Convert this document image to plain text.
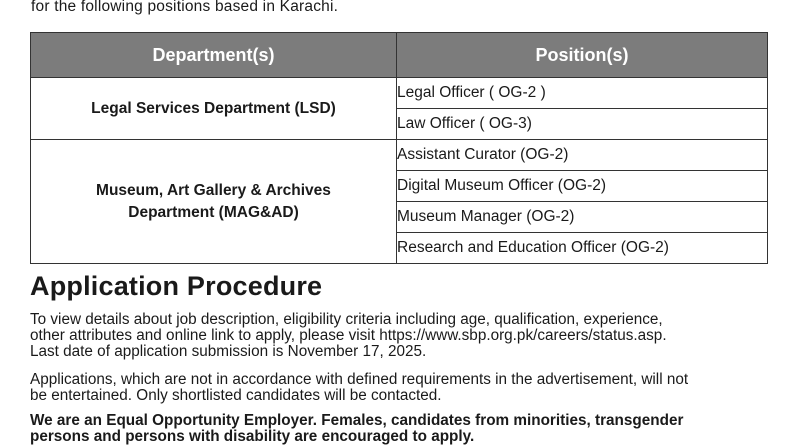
for the following positions based in Karachi.
Department(s)	Position(s)
Legal Services Department (LSD)	Legal Officer ( OG-2 )
	Law Officer ( OG-3)

Museum, Art Gallery & Archives
Department (MAG&AD)	Assistant Curator (OG-2)
	Digital Museum Officer (OG-2)
	Museum Manager (OG-2)
	Research and Education Officer (OG-2)
Application Procedure
To view details about job description, eligibility criteria including age, qualification, experience,
other attributes and online link to apply, please visit https://www.sbp.org.pk/careers/status.asp.
Last date of application submission is November 17, 2025.
Applications, which are not in accordance with defined requirements in the advertisement, will not
be entertained. Only shortlisted candidates will be contacted.
We are an Equal Opportunity Employer. Females, candidates from minorities, transgender
persons and persons with disability are encouraged to apply.
